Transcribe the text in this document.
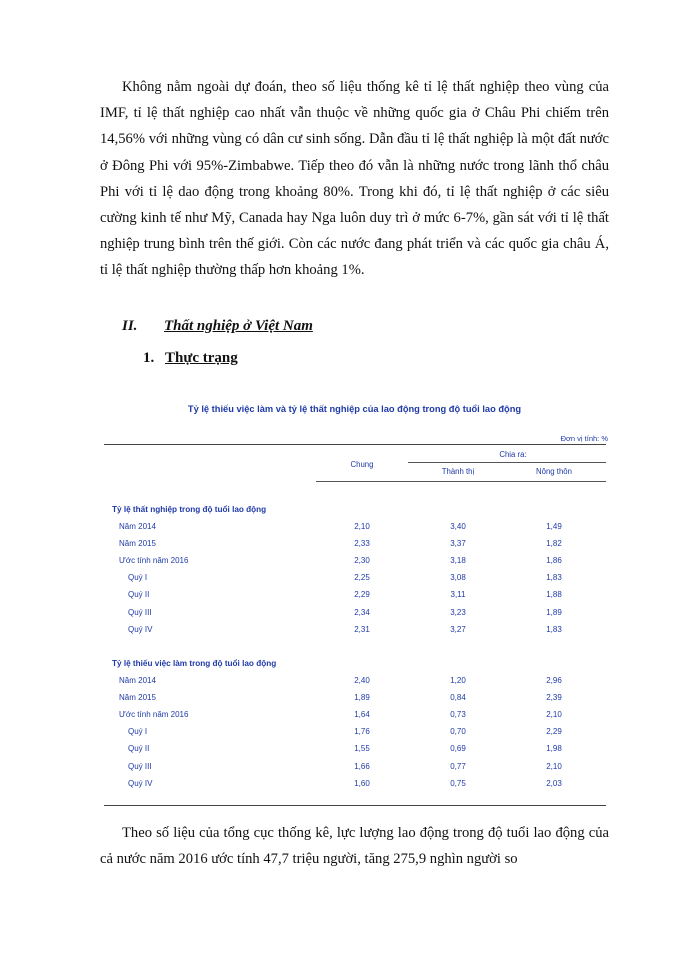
Không nằm ngoài dự đoán, theo số liệu thống kê tỉ lệ thất nghiệp theo vùng của IMF, tỉ lệ thất nghiệp cao nhất vẫn thuộc về những quốc gia ở Châu Phi chiếm trên 14,56% với những vùng có dân cư sinh sống. Dẫn đầu tỉ lệ thất nghiệp là một đất nước ở Đông Phi với 95%-Zimbabwe. Tiếp theo đó vẫn là những nước trong lãnh thổ châu Phi với tỉ lệ dao động trong khoảng 80%. Trong khi đó, tỉ lệ thất nghiệp ở các siêu cường kinh tế như Mỹ, Canada hay Nga luôn duy trì ở mức 6-7%, gần sát với tỉ lệ thất nghiệp trung bình trên thế giới. Còn các nước đang phát triển và các quốc gia châu Á, tỉ lệ thất nghiệp thường thấp hơn khoảng 1%.

II. Thất nghiệp ở Việt Nam
1. Thực trạng
Tỷ lệ thiếu việc làm và tỷ lệ thất nghiệp của lao động trong độ tuổi lao động
Đơn vị tính: %
Chung
Chia ra:
Thành thị	Nông thôn
Tỷ lệ thất nghiệp trong độ tuổi lao động
Năm 2014	2,10	3,40	1,49
Năm 2015	2,33	3,37	1,82
Ước tính năm 2016	2,30	3,18	1,86
Quý I	2,25	3,08	1,83
Quý II	2,29	3,11	1,88
Quý III	2,34	3,23	1,89
Quý IV	2,31	3,27	1,83
Tỷ lệ thiếu việc làm trong độ tuổi lao động
Năm 2014	2,40	1,20	2,96
Năm 2015	1,89	0,84	2,39
Ước tính năm 2016	1,64	0,73	2,10
Quý I	1,76	0,70	2,29
Quý II	1,55	0,69	1,98
Quý III	1,66	0,77	2,10
Quý IV	1,60	0,75	2,03

Theo số liệu của tổng cục thống kê, lực lượng lao động trong độ tuổi lao động của cả nước năm 2016 ước tính 47,7 triệu người, tăng 275,9 nghìn người so
